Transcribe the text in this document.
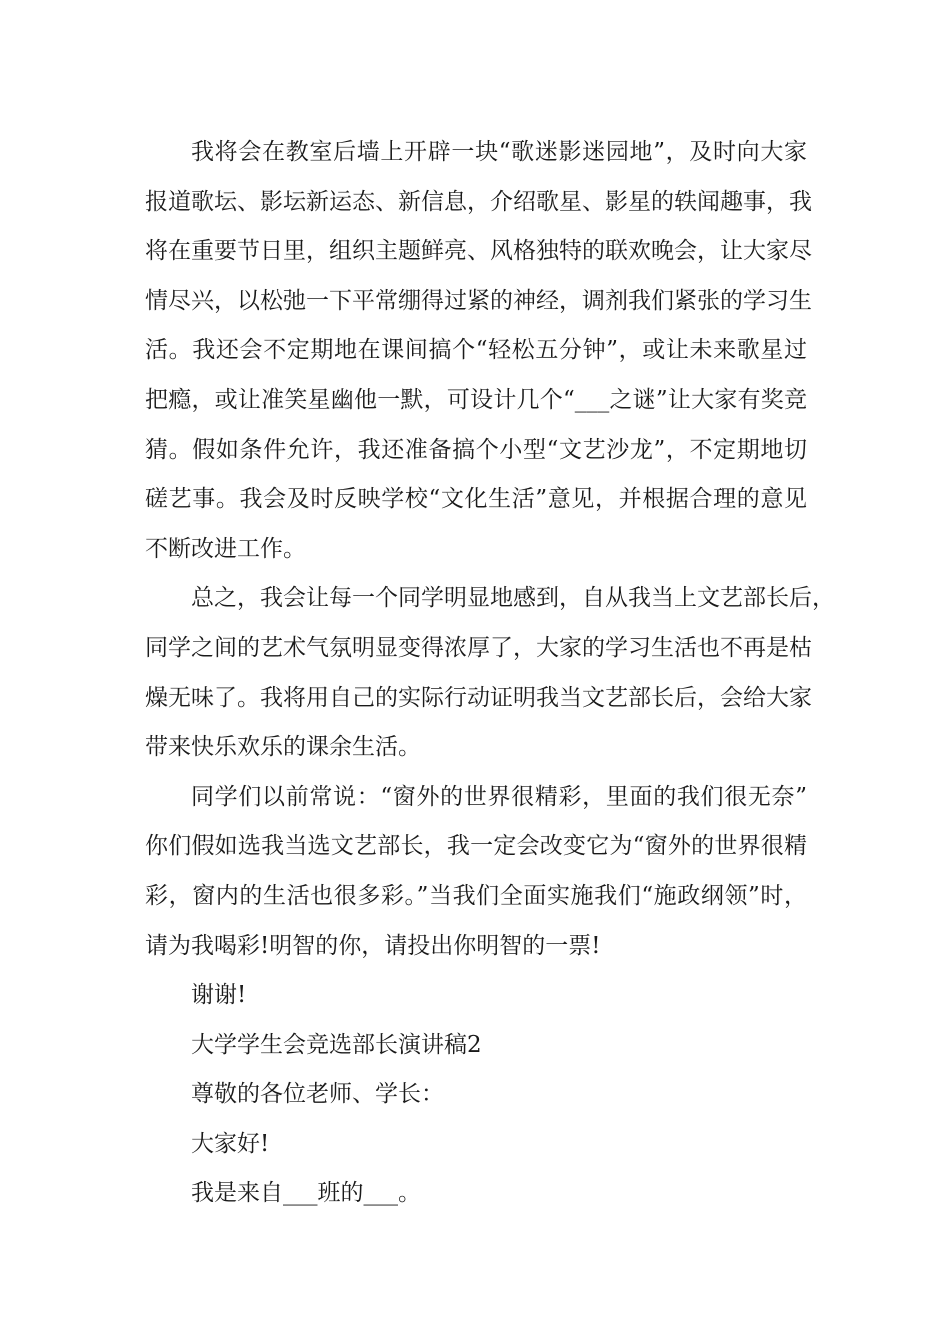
我将会在教室后墙上开辟一块“歌迷影迷园地”，及时向大家
报道歌坛、影坛新运态、新信息，介绍歌星、影星的轶闻趣事，我
将在重要节日里，组织主题鲜亮、风格独特的联欢晚会，让大家尽
情尽兴，以松弛一下平常绷得过紧的神经，调剂我们紧张的学习生
活。我还会不定期地在课间搞个“轻松五分钟”，或让未来歌星过
把瘾，或让准笑星幽他一默，可设计几个“___之谜”让大家有奖竞
猜。假如条件允许，我还准备搞个小型“文艺沙龙”，不定期地切
磋艺事。我会及时反映学校“文化生活”意见，并根据合理的意见
不断改进工作。
总之，我会让每一个同学明显地感到，自从我当上文艺部长后，
同学之间的艺术气氛明显变得浓厚了，大家的学习生活也不再是枯
燥无味了。我将用自己的实际行动证明我当文艺部长后，会给大家
带来快乐欢乐的课余生活。
同学们以前常说：“窗外的世界很精彩，里面的我们很无奈”
你们假如选我当选文艺部长，我一定会改变它为“窗外的世界很精
彩，窗内的生活也很多彩。”当我们全面实施我们“施政纲领”时，
请为我喝彩!明智的你，请投出你明智的一票!
谢谢!
大学学生会竞选部长演讲稿2
尊敬的各位老师、学长：
大家好!
我是来自___班的___。
